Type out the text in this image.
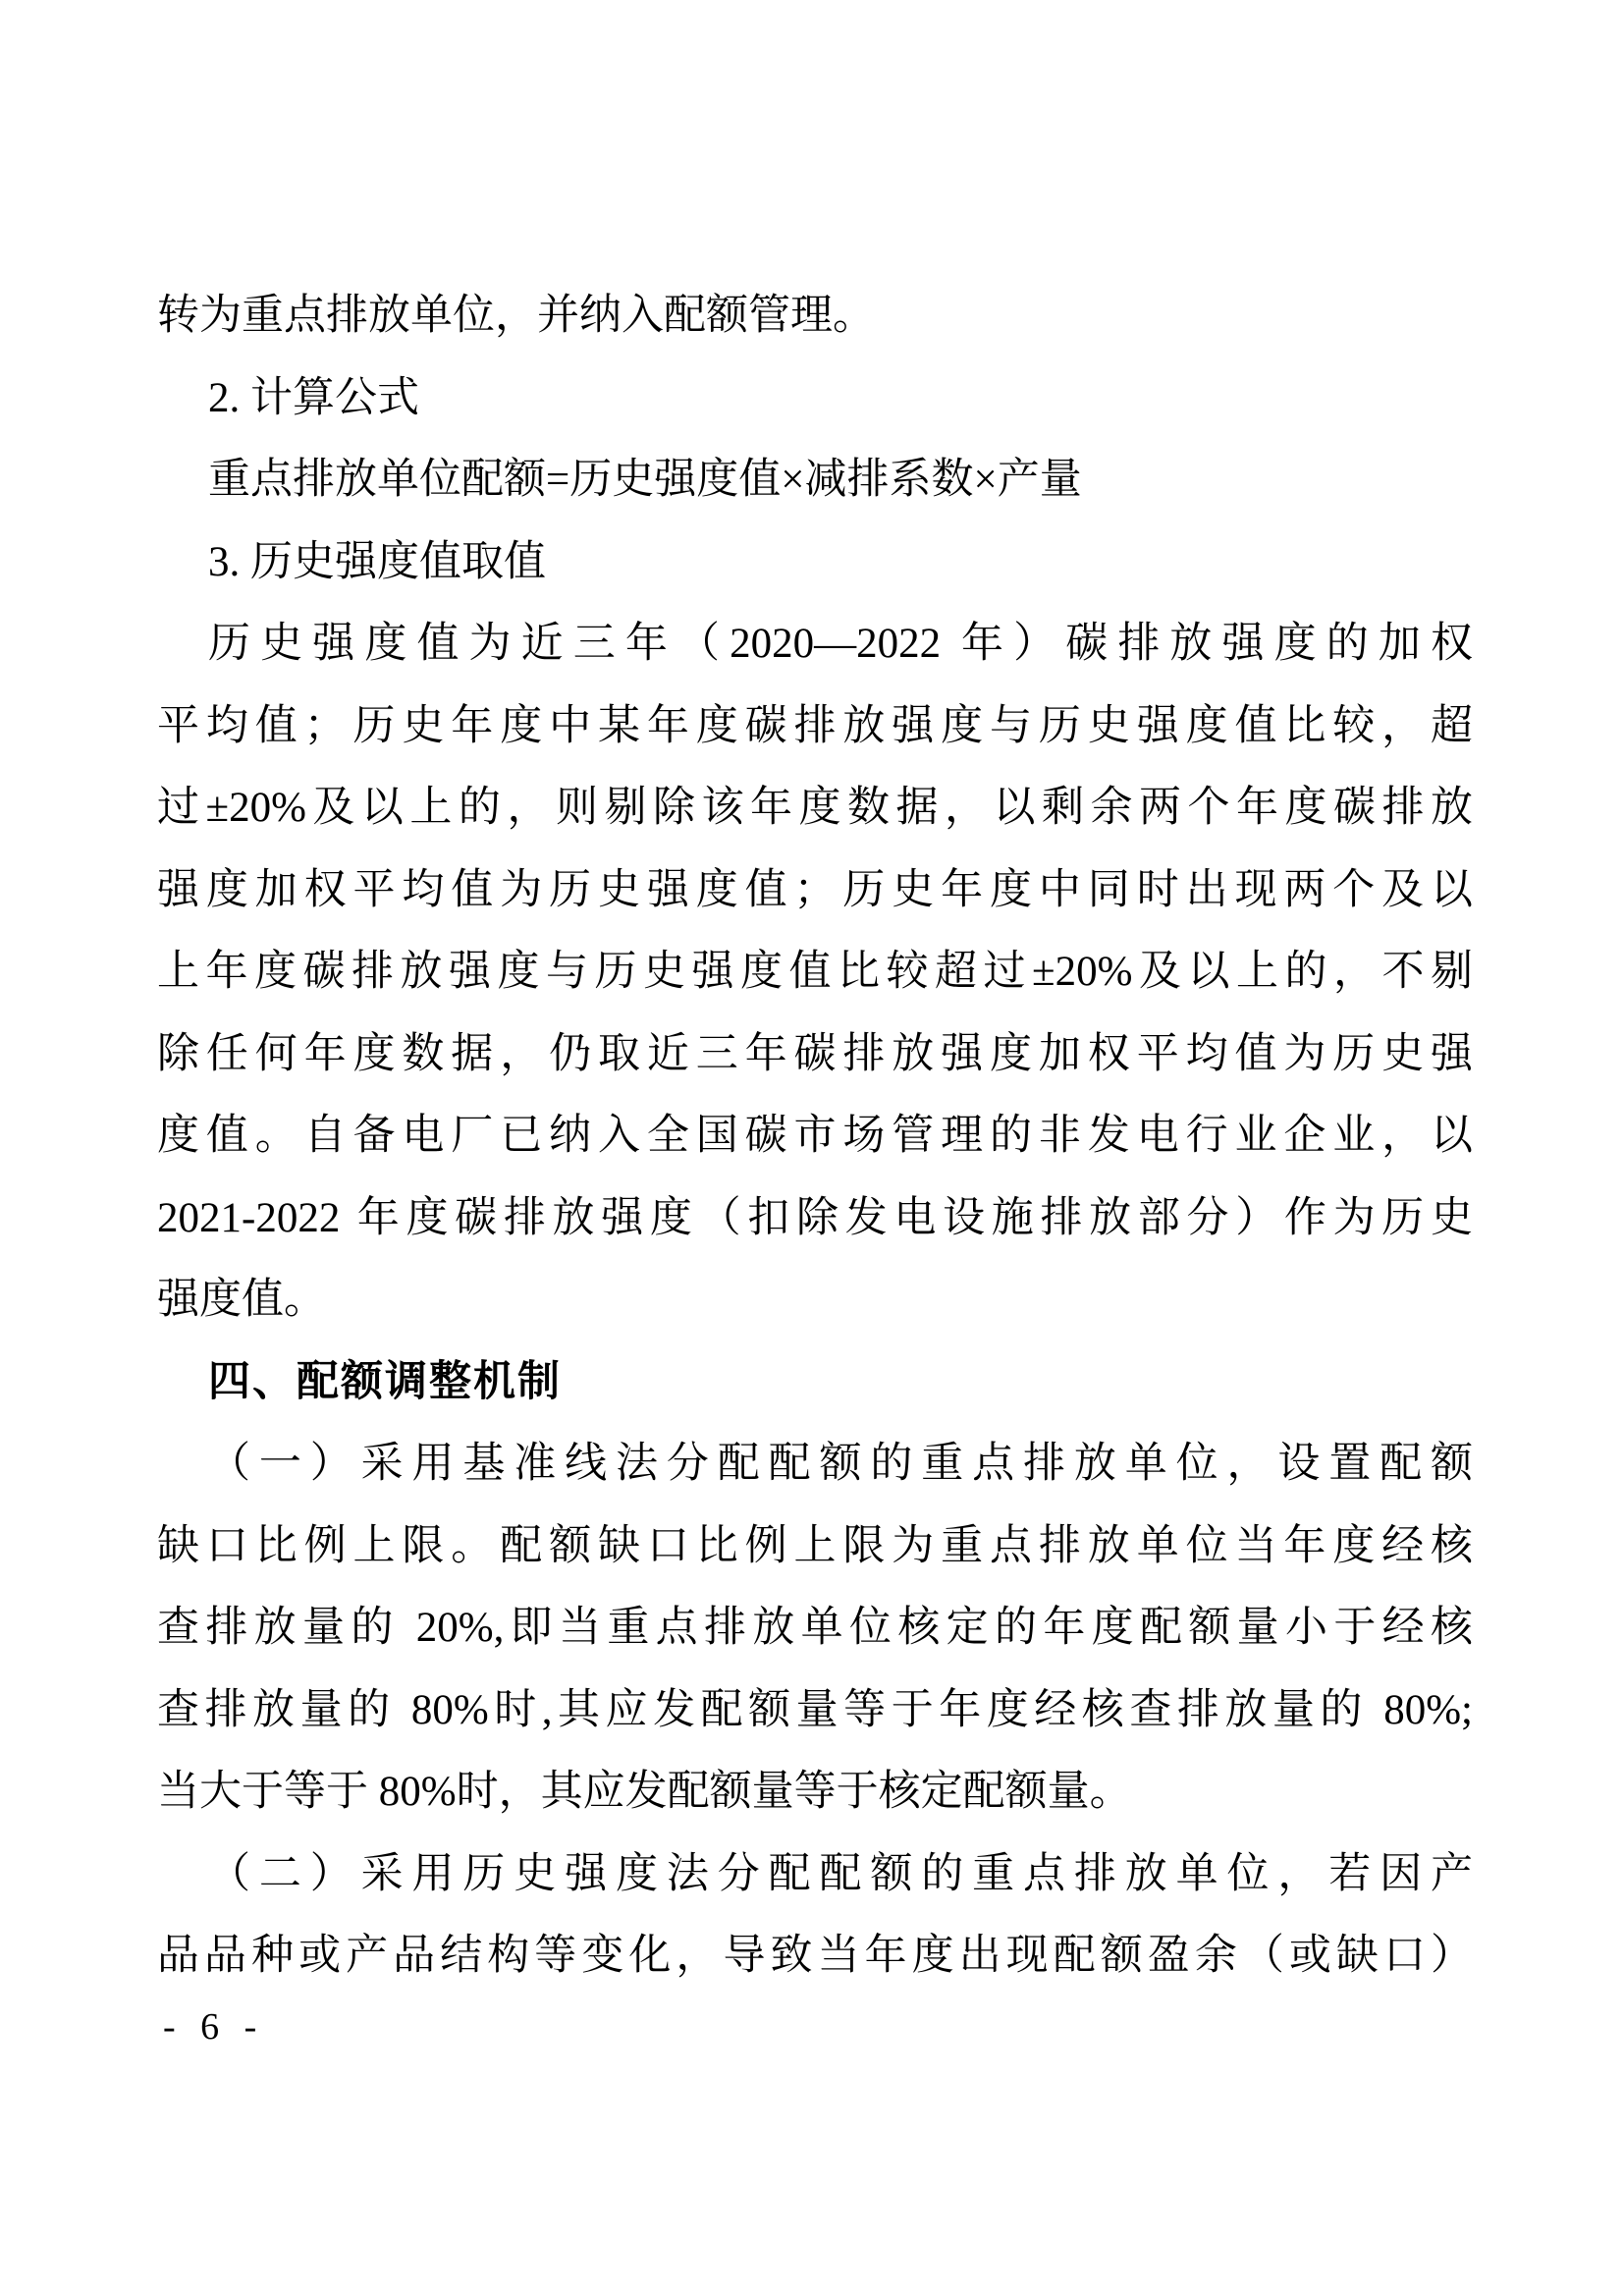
转为重点排放单位，并纳入配额管理。
2. 计算公式
重点排放单位配额=历史强度值×减排系数×产量
3. 历史强度值取值
历史强度值为近三年（2020—2022 年）碳排放强度的加权
平均值；历史年度中某年度碳排放强度与历史强度值比较，超
过±20%及以上的，则剔除该年度数据，以剩余两个年度碳排放
强度加权平均值为历史强度值；历史年度中同时出现两个及以
上年度碳排放强度与历史强度值比较超过±20%及以上的，不剔
除任何年度数据，仍取近三年碳排放强度加权平均值为历史强
度值。自备电厂已纳入全国碳市场管理的非发电行业企业，以
2021-2022 年度碳排放强度（扣除发电设施排放部分）作为历史
强度值。
四、配额调整机制
（一）采用基准线法分配配额的重点排放单位，设置配额
缺口比例上限。配额缺口比例上限为重点排放单位当年度经核
查排放量的 20%,即当重点排放单位核定的年度配额量小于经核
查排放量的 80%时,其应发配额量等于年度经核查排放量的 80%;
当大于等于 80%时，其应发配额量等于核定配额量。
（二）采用历史强度法分配配额的重点排放单位，若因产
品品种或产品结构等变化，导致当年度出现配额盈余（或缺口）
- 6 -
